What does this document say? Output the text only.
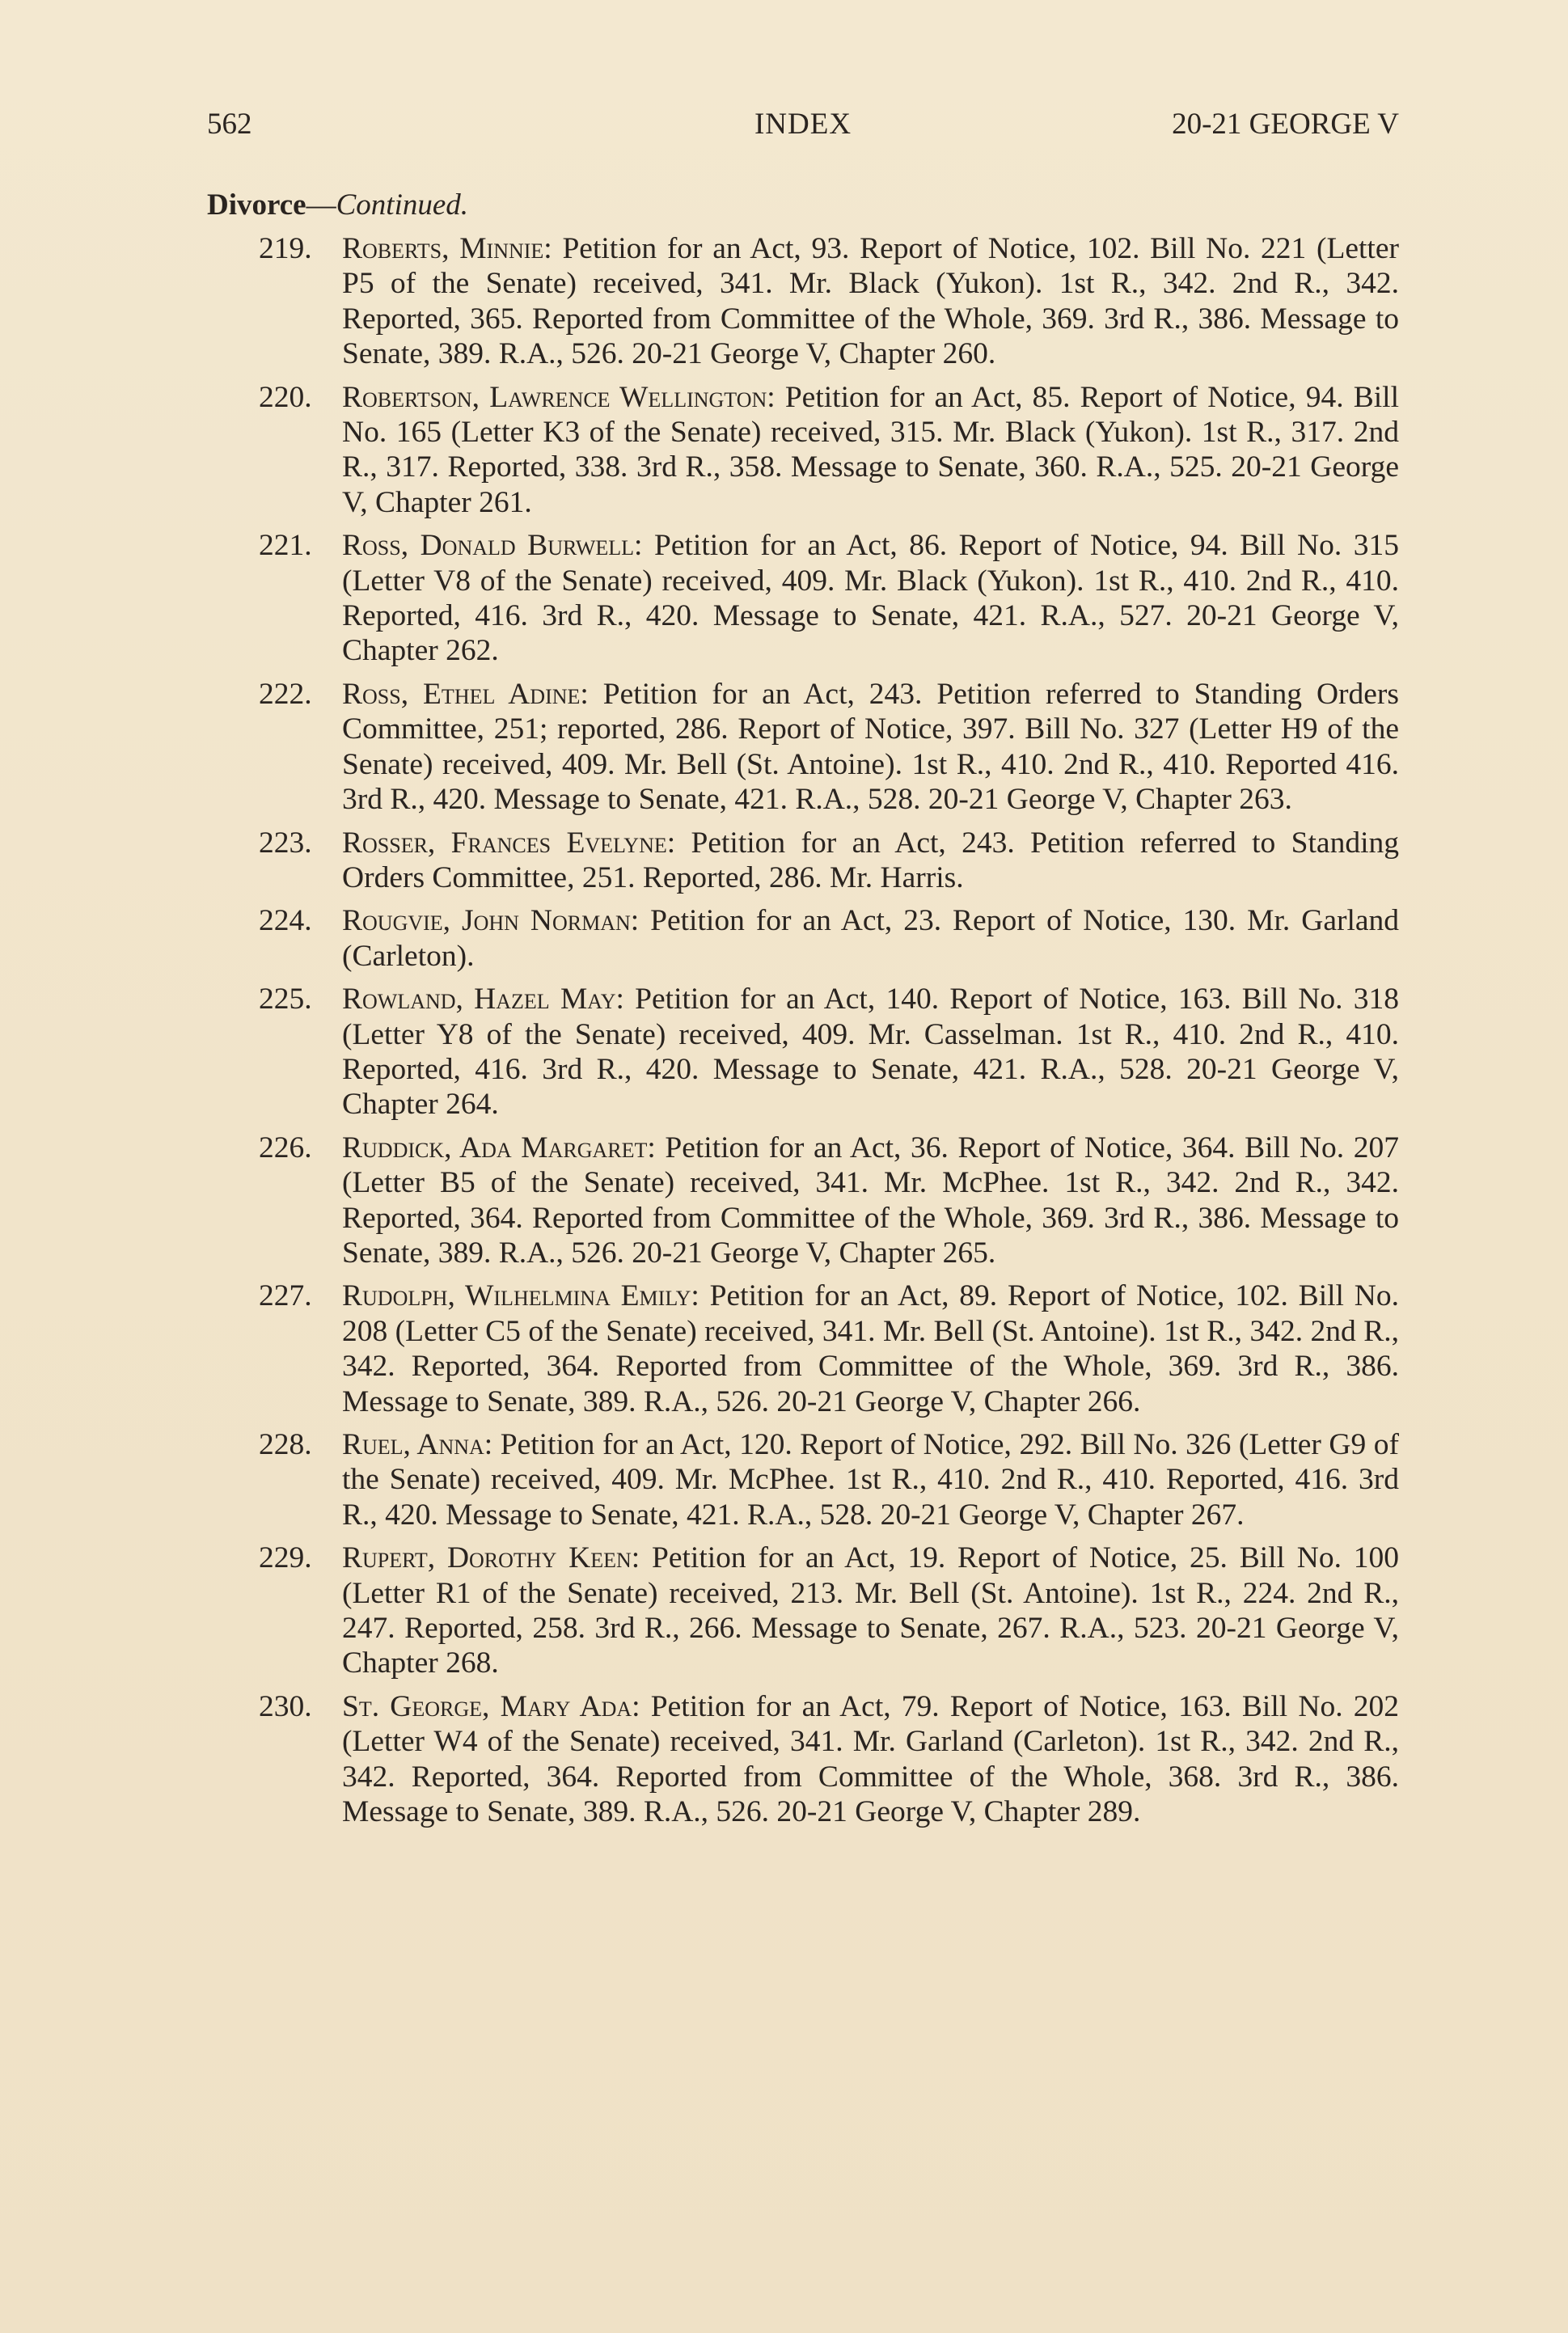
562	INDEX	20-21 GEORGE V
Divorce—Continued.
219. Roberts, Minnie: Petition for an Act, 93. Report of Notice, 102. Bill No. 221 (Letter P5 of the Senate) received, 341. Mr. Black (Yukon). 1st R., 342. 2nd R., 342. Reported, 365. Reported from Committee of the Whole, 369. 3rd R., 386. Message to Senate, 389. R.A., 526. 20-21 George V, Chapter 260.
220. Robertson, Lawrence Wellington: Petition for an Act, 85. Report of Notice, 94. Bill No. 165 (Letter K3 of the Senate) received, 315. Mr. Black (Yukon). 1st R., 317. 2nd R., 317. Reported, 338. 3rd R., 358. Message to Senate, 360. R.A., 525. 20-21 George V, Chapter 261.
221. Ross, Donald Burwell: Petition for an Act, 86. Report of Notice, 94. Bill No. 315 (Letter V8 of the Senate) received, 409. Mr. Black (Yukon). 1st R., 410. 2nd R., 410. Reported, 416. 3rd R., 420. Message to Senate, 421. R.A., 527. 20-21 George V, Chapter 262.
222. Ross, Ethel Adine: Petition for an Act, 243. Petition referred to Standing Orders Committee, 251; reported, 286. Report of Notice, 397. Bill No. 327 (Letter H9 of the Senate) received, 409. Mr. Bell (St. Antoine). 1st R., 410. 2nd R., 410. Reported 416. 3rd R., 420. Message to Senate, 421. R.A., 528. 20-21 George V, Chapter 263.
223. Rosser, Frances Evelyne: Petition for an Act, 243. Petition referred to Standing Orders Committee, 251. Reported, 286. Mr. Harris.
224. Rougvie, John Norman: Petition for an Act, 23. Report of Notice, 130. Mr. Garland (Carleton).
225. Rowland, Hazel May: Petition for an Act, 140. Report of Notice, 163. Bill No. 318 (Letter Y8 of the Senate) received, 409. Mr. Casselman. 1st R., 410. 2nd R., 410. Reported, 416. 3rd R., 420. Message to Senate, 421. R.A., 528. 20-21 George V, Chapter 264.
226. Ruddick, Ada Margaret: Petition for an Act, 36. Report of Notice, 364. Bill No. 207 (Letter B5 of the Senate) received, 341. Mr. McPhee. 1st R., 342. 2nd R., 342. Reported, 364. Reported from Committee of the Whole, 369. 3rd R., 386. Message to Senate, 389. R.A., 526. 20-21 George V, Chapter 265.
227. Rudolph, Wilhelmina Emily: Petition for an Act, 89. Report of Notice, 102. Bill No. 208 (Letter C5 of the Senate) received, 341. Mr. Bell (St. Antoine). 1st R., 342. 2nd R., 342. Reported, 364. Reported from Committee of the Whole, 369. 3rd R., 386. Message to Senate, 389. R.A., 526. 20-21 George V, Chapter 266.
228. Ruel, Anna: Petition for an Act, 120. Report of Notice, 292. Bill No. 326 (Letter G9 of the Senate) received, 409. Mr. McPhee. 1st R., 410. 2nd R., 410. Reported, 416. 3rd R., 420. Message to Senate, 421. R.A., 528. 20-21 George V, Chapter 267.
229. Rupert, Dorothy Keen: Petition for an Act, 19. Report of Notice, 25. Bill No. 100 (Letter R1 of the Senate) received, 213. Mr. Bell (St. Antoine). 1st R., 224. 2nd R., 247. Reported, 258. 3rd R., 266. Message to Senate, 267. R.A., 523. 20-21 George V, Chapter 268.
230. St. George, Mary Ada: Petition for an Act, 79. Report of Notice, 163. Bill No. 202 (Letter W4 of the Senate) received, 341. Mr. Garland (Carleton). 1st R., 342. 2nd R., 342. Reported, 364. Reported from Committee of the Whole, 368. 3rd R., 386. Message to Senate, 389. R.A., 526. 20-21 George V, Chapter 289.
